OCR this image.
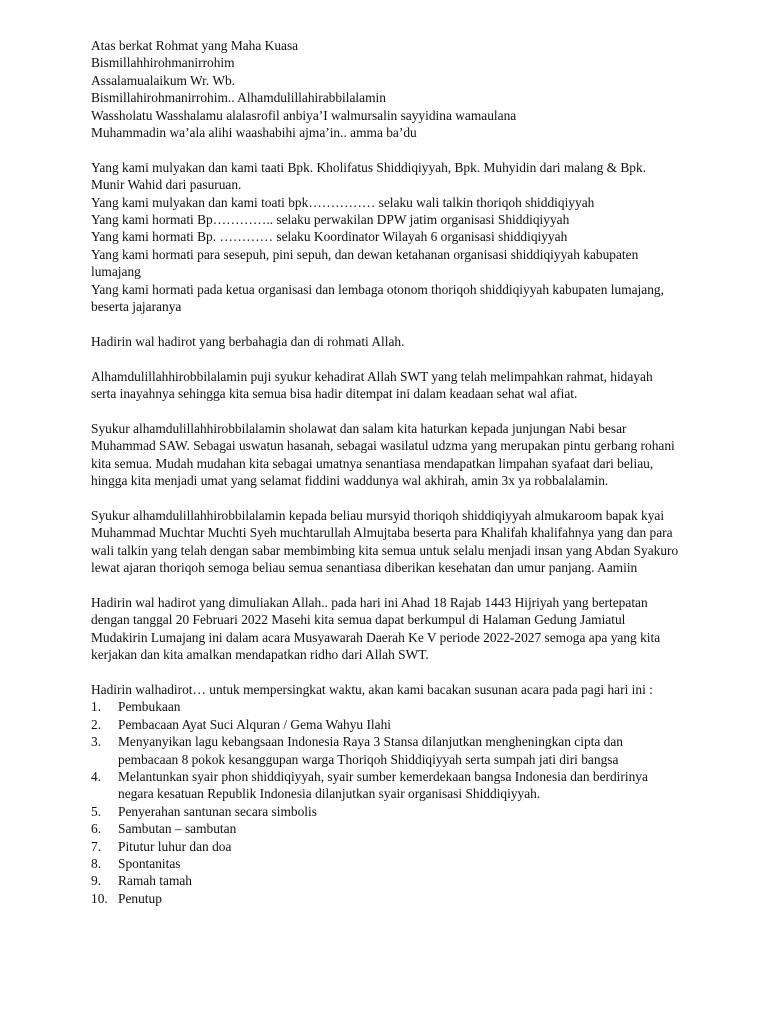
Atas berkat Rohmat yang Maha Kuasa

Bismillahhirohmanirrohim

Assalamualaikum Wr. Wb.

Bismillahirohmanirrohim.. Alhamdulillahirabbilalamin

Wassholatu Wasshalamu alalasrofil anbiya’I walmursalin sayyidina wamaulana

Muhammadin wa’ala alihi waashabihi ajma’in.. amma ba’du

Yang kami mulyakan dan kami taati Bpk. Kholifatus Shiddiqiyyah, Bpk. Muhyidin dari malang & Bpk. Munir Wahid dari pasuruan.

Yang kami mulyakan dan kami toati bpk…………… selaku wali talkin thoriqoh shiddiqiyyah

Yang kami hormati Bp………….. selaku perwakilan DPW jatim organisasi Shiddiqiyyah

Yang kami hormati Bp. ………… selaku Koordinator Wilayah 6 organisasi shiddiqiyyah

Yang kami hormati para sesepuh, pini sepuh, dan dewan ketahanan organisasi shiddiqiyyah kabupaten lumajang

Yang kami hormati pada ketua organisasi dan lembaga otonom thoriqoh shiddiqiyyah kabupaten lumajang, beserta jajaranya

Hadirin wal hadirot yang berbahagia dan di rohmati Allah.

Alhamdulillahhirobbilalamin puji syukur kehadirat Allah SWT yang telah melimpahkan rahmat, hidayah serta inayahnya sehingga kita semua bisa hadir ditempat ini dalam keadaan sehat wal afiat.

Syukur alhamdulillahhirobbilalamin sholawat dan salam kita haturkan kepada junjungan Nabi besar Muhammad SAW. Sebagai uswatun hasanah, sebagai wasilatul udzma yang merupakan pintu gerbang rohani kita semua. Mudah mudahan kita sebagai umatnya senantiasa mendapatkan limpahan syafaat dari beliau, hingga kita menjadi umat yang selamat fiddini waddunya wal akhirah, amin 3x ya robbalalamin.

Syukur alhamdulillahhirobbilalamin kepada beliau mursyid thoriqoh shiddiqiyyah almukaroom bapak kyai Muhammad Muchtar Muchti Syeh muchtarullah Almujtaba beserta para Khalifah khalifahnya yang dan para wali talkin yang telah dengan sabar membimbing kita semua untuk selalu menjadi insan yang Abdan Syakuro lewat ajaran thoriqoh semoga beliau semua senantiasa diberikan kesehatan dan umur panjang. Aamiin

Hadirin wal hadirot yang dimuliakan Allah.. pada hari ini Ahad 18 Rajab 1443 Hijriyah yang bertepatan dengan tanggal 20 Februari 2022 Masehi kita semua dapat berkumpul di Halaman Gedung Jamiatul Mudakirin Lumajang ini dalam acara Musyawarah Daerah Ke V periode 2022-2027 semoga apa yang kita kerjakan dan kita amalkan mendapatkan ridho dari Allah SWT.

Hadirin walhadirot… untuk mempersingkat waktu, akan kami bacakan susunan acara pada pagi hari ini :

1. Pembukaan
2. Pembacaan Ayat Suci Alquran / Gema Wahyu Ilahi
3. Menyanyikan lagu kebangsaan Indonesia Raya 3 Stansa dilanjutkan mengheningkan cipta dan pembacaan 8 pokok kesanggupan warga Thoriqoh Shiddiqiyyah serta sumpah jati diri bangsa
4. Melantunkan syair phon shiddiqiyyah, syair sumber kemerdekaan bangsa Indonesia dan berdirinya negara kesatuan Republik Indonesia dilanjutkan syair organisasi Shiddiqiyyah.
5. Penyerahan santunan secara simbolis
6. Sambutan – sambutan
7. Pitutur luhur dan doa
8. Spontanitas
9. Ramah tamah
10. Penutup
